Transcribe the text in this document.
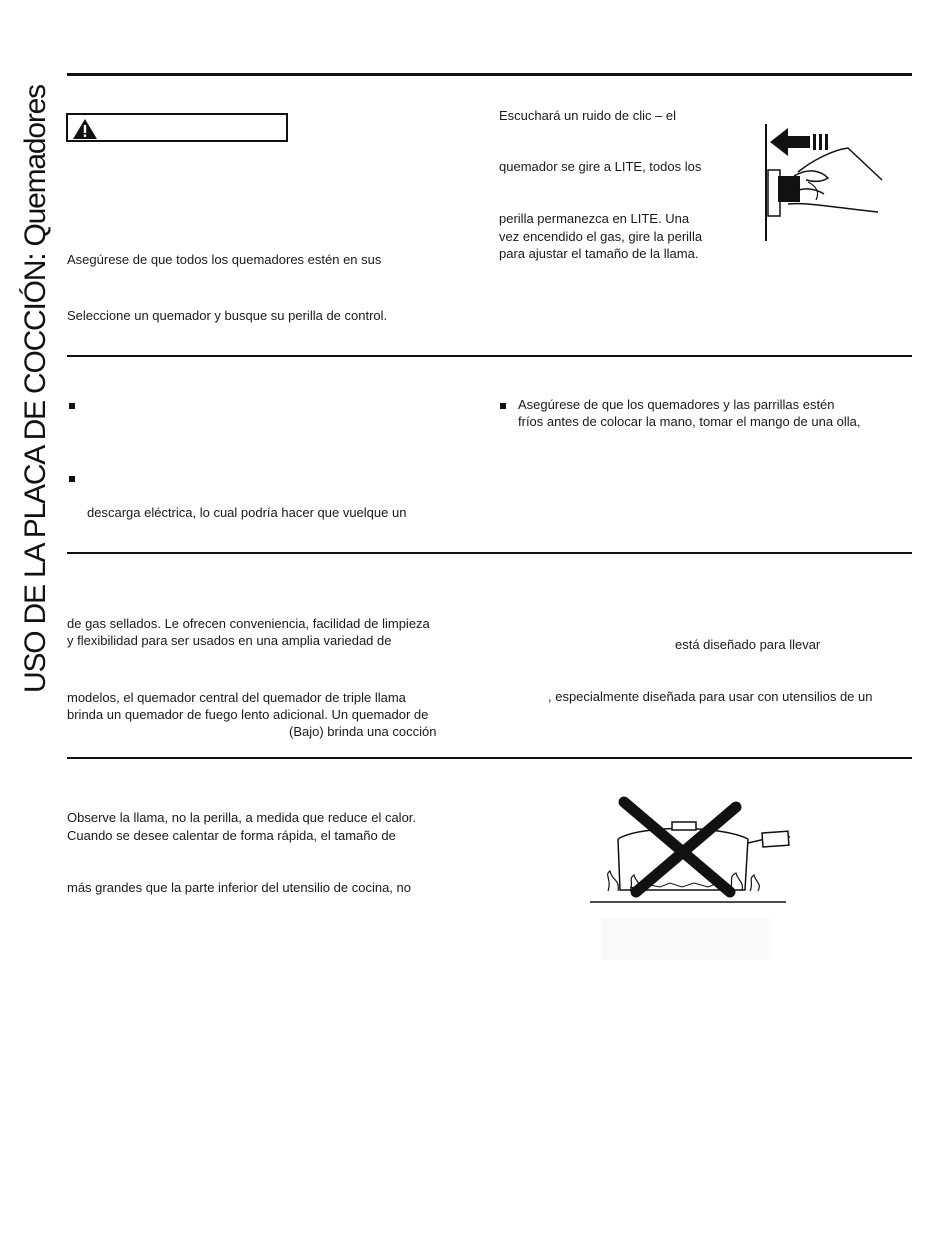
USO DE LA PLACA DE COCCIÓN: Quemadores	Asegúrese de que todos los quemadores estén en sus
Seleccione un quemador y busque su perilla de control.
Escuchará un ruido de clic – el
quemador se gire a LITE, todos los
perilla permanezca en LITE. Una
vez encendido el gas, gire la perilla
para ajustar el tamaño de la llama.
descarga eléctrica, lo cual podría hacer que vuelque un
Asegúrese de que los quemadores y las parrillas estén
fríos antes de colocar la mano, tomar el mango de una olla,
de gas sellados. Le ofrecen conveniencia, facilidad de limpieza
y flexibilidad para ser usados en una amplia variedad de
modelos, el quemador central del quemador de triple llama
brinda un quemador de fuego lento adicional. Un quemador de
(Bajo) brinda una cocción
está diseñado para llevar
, especialmente diseñada para usar con utensilios de un
Observe la llama, no la perilla, a medida que reduce el calor.
Cuando se desee calentar de forma rápida, el tamaño de
más grandes que la parte inferior del utensilio de cocina, no
